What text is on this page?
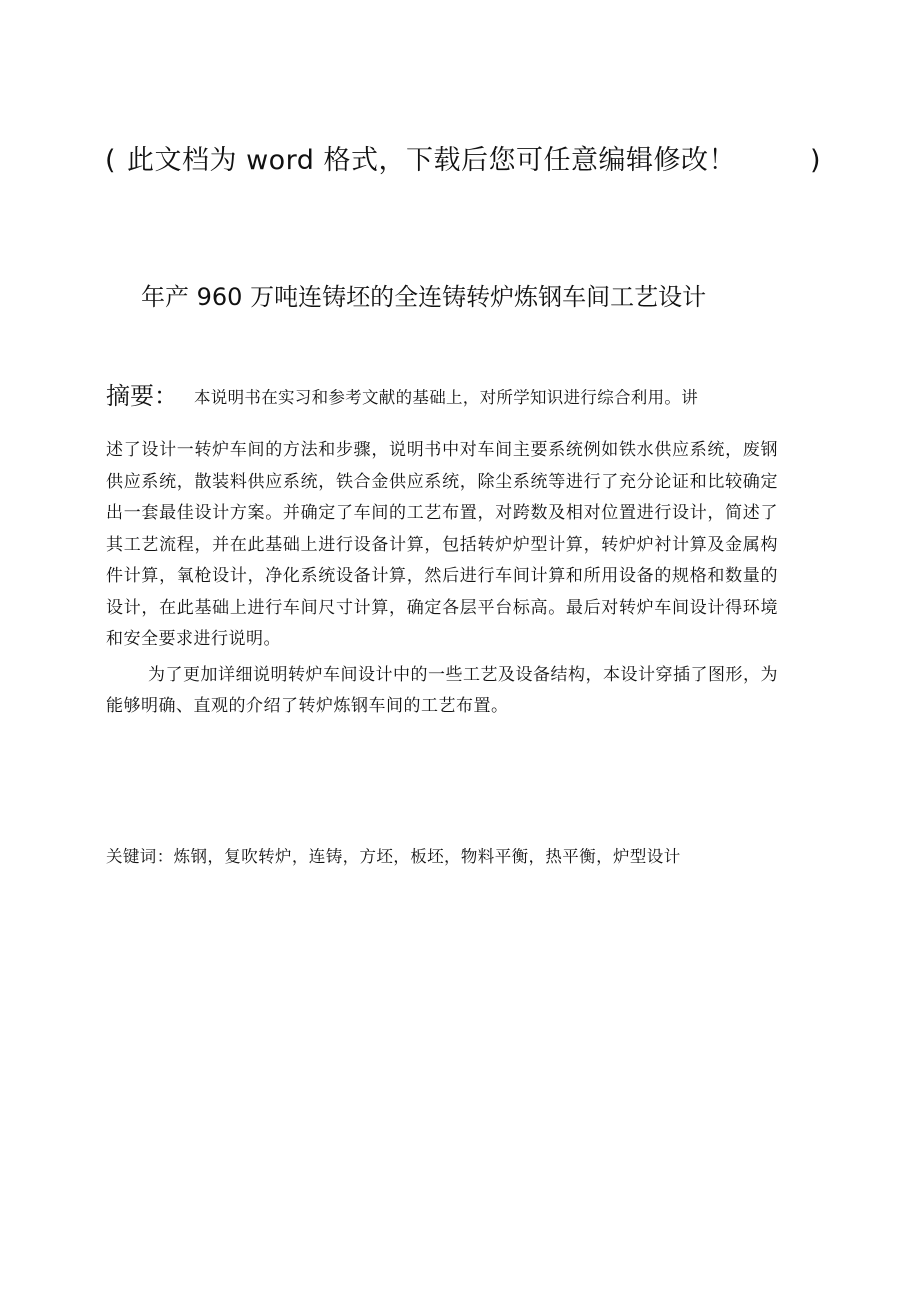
( 此文档为 word 格式，下载后您可任意编辑修改！	)
年产 960 万吨连铸坯的全连铸转炉炼钢车间工艺设计
摘要： 本说明书在实习和参考文献的基础上，对所学知识进行综合利用。讲
述了设计一转炉车间的方法和步骤，说明书中对车间主要系统例如铁水供应系统，废钢供应系统，散装料供应系统，铁合金供应系统，除尘系统等进行了充分论证和比较确定出一套最佳设计方案。并确定了车间的工艺布置，对跨数及相对位置进行设计，简述了其工艺流程，并在此基础上进行设备计算，包括转炉炉型计算，转炉炉衬计算及金属构件计算，氧枪设计，净化系统设备计算，然后进行车间计算和所用设备的规格和数量的设计，在此基础上进行车间尺寸计算，确定各层平台标高。最后对转炉车间设计得环境和安全要求进行说明。
为了更加详细说明转炉车间设计中的一些工艺及设备结构，本设计穿插了图形，为能够明确、直观的介绍了转炉炼钢车间的工艺布置。
关键词：炼钢，复吹转炉，连铸，方坯，板坯，物料平衡，热平衡，炉型设计
